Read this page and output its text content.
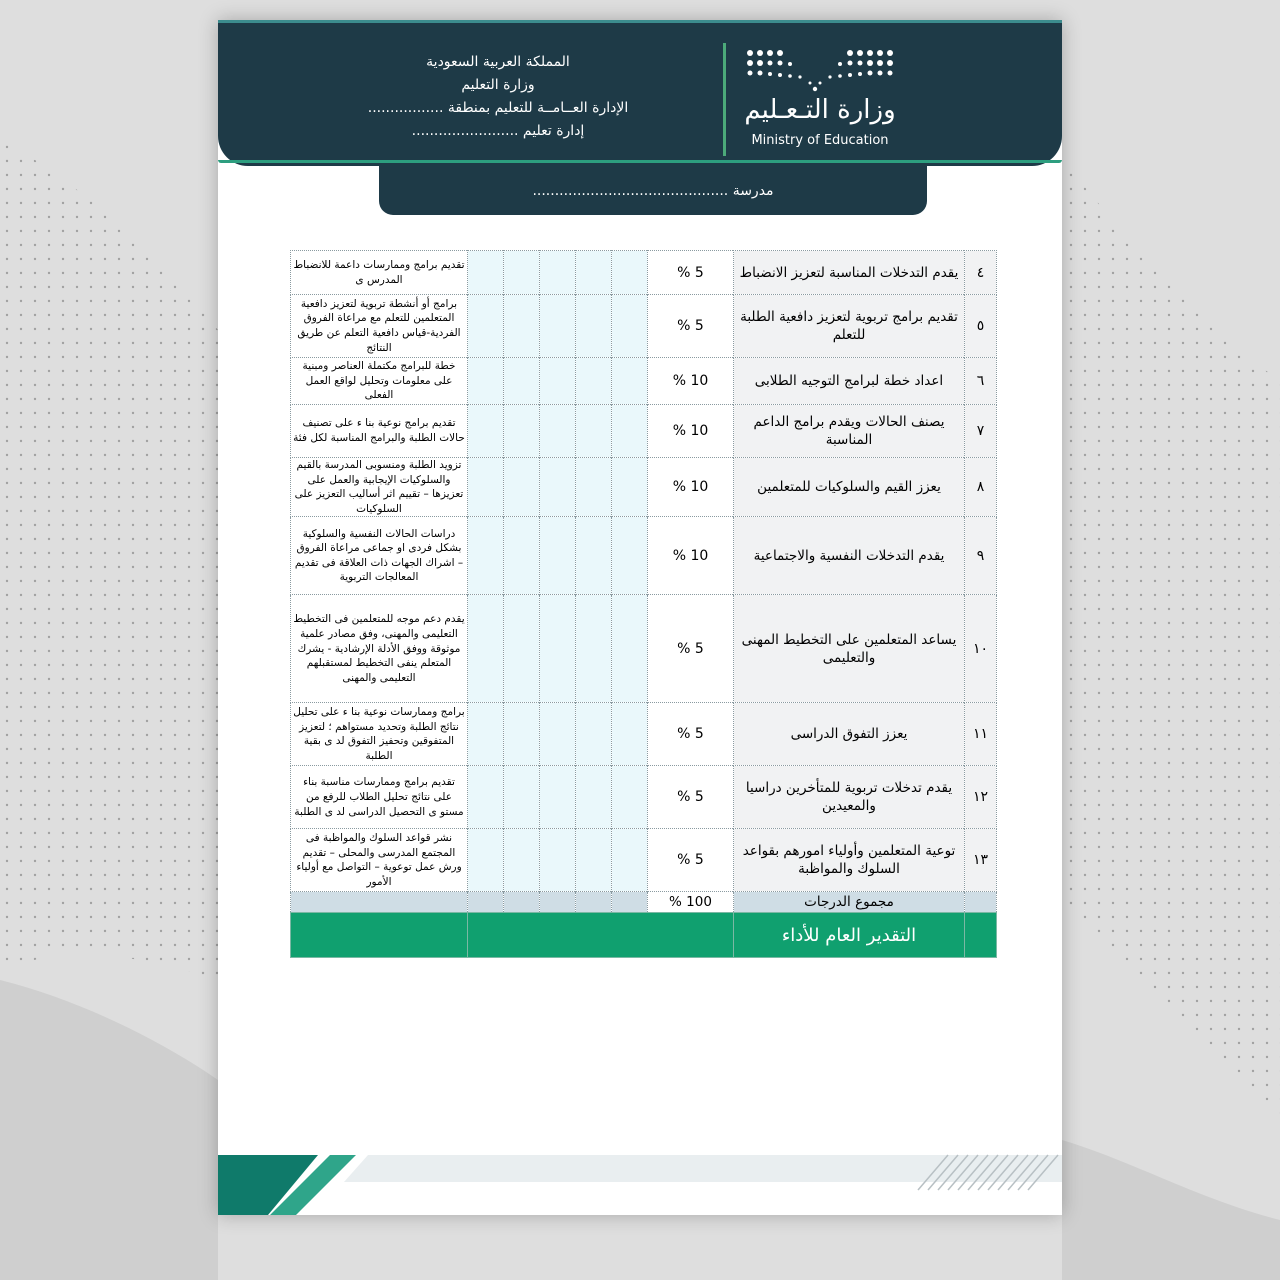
المملكة العربية السعودية
وزارة التعليم
الإدارة العــامــة للتعليم بمنطقة .................
إدارة تعليم ........................
وزارة التـعـليم
Ministry of Education
مدرسة ............................................
٤	يقدم التدخلات المناسبة لتعزيز الانضباط	5 %						تقديم برامج وممارسات داعمة للانضباط المدرس ى
٥	تقديم برامج تربوية لتعزيز دافعية الطلبة للتعلم	5 %						برامج أو أنشطة تربوية لتعزيز دافعية المتعلمين للتعلم مع مراعاة الفروق الفردية-قياس دافعية التعلم عن طريق النتائج
٦	اعداد خطة لبرامج التوجيه الطلابى	10 %						خطة للبرامج مكتملة العناصر ومبنية على معلومات وتحليل لواقع العمل الفعلى
٧	يصنف الحالات ويقدم برامج الداعم المناسبة	10 %						تقديم برامج نوعية بنا ء على تصنيف حالات الطلبة والبرامج المناسبة لكل فئة
٨	يعزز القيم والسلوكيات للمتعلمين	10 %						تزويد الطلبة ومنسوبى المدرسة بالقيم والسلوكيات الإيجابية والعمل على تعزيزها – تقييم اثر أساليب التعزيز على السلوكيات
٩	يقدم التدخلات النفسية والاجتماعية	10 %						دراسات الحالات النفسية والسلوكية بشكل فردى او جماعى مراعاة الفروق – اشراك الجهات ذات العلاقة فى تقديم المعالجات التربوية
١٠	يساعد المتعلمين على التخطيط المهنى والتعليمى	5 %						يقدم دعم موجه للمتعلمين فى التخطيط التعليمى والمهنى، وفق مصادر علمية موثوقة ووفق الأدلة الإرشادية - يشرك المتعلم ينفى التخطيط لمستقبلهم التعليمى والمهنى
١١	يعزز التفوق الدراسى	5 %						برامج وممارسات نوعية بنا ء على تحليل نتائج الطلبة وتحديد مستواهم ؛ لتعزيز المتفوقين وتحفيز التفوق لد ى بقية الطلبة
١٢	يقدم تدخلات تربوية للمتأخرين دراسيا والمعيدين	5 %						تقديم برامج وممارسات مناسبة بناء على نتائج تحليل الطلاب للرفع من مستو ى التحصيل الدراسى لد ى الطلبة
١٣	توعية المتعلمين وأولياء امورهم بقواعد السلوك والمواظبة	5 %						نشر قواعد السلوك والمواظبة فى المجتمع المدرسى والمحلى – تقديم ورش عمل توعوية – التواصل مع أولياء الأمور
	مجموع الدرجات	100 %						
	التقدير العام للأداء							
